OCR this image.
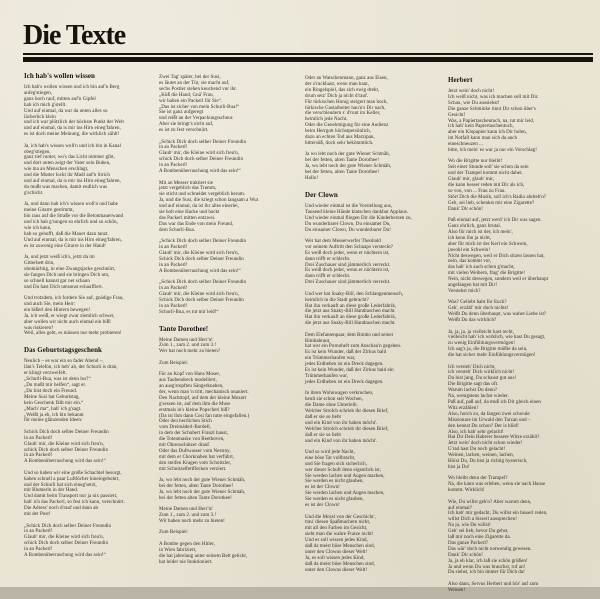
Die Texte
Ich hab's wollen wissen
Ich hab's wollen wissen und ich bin auf'n Berg
aufeg'stiegen,
ganz hoch rauf, mitten auf'n Gipfel
hab ich mich g'stellt.
Und auf einmal, da war da unten alles so
lächerlich klein
und ich war plötzlich der höchste Punkt der Welt
und auf einmal, da is mir ins Hirn eineg'fahren,
es ist doch meine Meinung, die wirklich zählt!
Ja, ich hab's wissen woll'n und ich bin in Kanal
obeg'stiegen,
ganz tief runter, wo's das Licht nimmer gibt,
und dort unten zeigt der Vater sein Buben,
wie ma an Menschen erschlagt,
und die Mutter lockt ihr Madl auf'n Strich
und auf einmal, da is mir ins Hirn eineg'fahren,
du mußt was machen, damit endlich was
g'schicht.
Ja, und dann hab ich's wissen woll'n und habe
meine Gitarre gestimmt,
bin raus auf die Straße vor die Betonmauerwand
und ich hab g'sungen so ehrlich und so schön,
wie ich kann,
hab so gehofft, daß die Mauer dazu tanzt.
Und auf einmal, da is mir ins Hirn eineg'fahren,
es ist zuwenig eine Gitarre in der Hand!
Ja, und jetzt weiß ich's, jetzt da im
Gitterbett drin,
ohnmächtig, in eine Zwangsjacke geschnürt,
sie fangen Dich und sie bringen Dich um,
so schnell kannst gar net schaun
und Du hast Dich umsonst echauffiert.
Und trotzdem, ich fordere Sie auf, gnädige Frau,
und auch Sie, mein Herr:
ein bißerl den Hintern bewegen!
Ja, ich weiß, er wiegt zwar ziemlich schwer,
aber wollen wir nicht auch einmal ein bißl
was riskieren?
Weil, alles geht, es müssen nur mehr probieren!
Das Geburtstagsgeschenk
Neulich – es war ein so fader Abend –,
läut's Telefon, ich heb' ab, der Schurli is dran,
er klingt verzweifelt.
„Schurli-Bua, was ist denn los?“
„Du mußt mir helfen“, sagt er.
„Du bist doch ein Freund.
Meine Susi hat Geburtstag,
kein Geschenk fällt mir ein.“
„Mach' ma“, hab' ich g'sagt.
„Weißt ja eh, ich bin bekannt
für meine glänzenden Ideen:
Schick Dich doch selber Deiner Freundin
in an Packerl!
Glaub' mir, die Kleine wird sich freu'n,
schick Dich doch selber Deiner Freundin
in an Packerl!
A Bombenüberraschung wird das sein!“
Und so haben wir eine große Schachtel besorgt,
haben schnell a paar Luftlöcher hineingebohrt,
und der Schurli hat sich eineg'setzt,
mit Blumerln in der Hand.
Und damit beim Transport nur ja nix passiert,
hab' ich das Packerl, so fest ich kann, verschnürt.
Die Adress' noch d'rauf und dann ab
mit der Post!
„Schick Dich doch selber Deiner Freundin
in an Packerl!
Glaub' mir, die Kleine wird sich freu'n,
schick Dich doch selber Deiner Freundin
in an Packerl!
A Bombenüberraschung wird das sein!“
Zwei Tag' später, bei der Susi,
es läutet an der Tür, sie macht auf,
sechs Postler stehen keuchend vor ihr.
„Küß die Hand, Gnä' Frau,
wir haben ein Packerl für Sie“.
„Das ist sicher von mein Schurli-Bua!“
Sie ist ganz aufgeregt
und reißt an der Verpackungsschnur.
Aber sie bringt's nicht auf,
es ist zu fest verschnürt.
„Schick Dich doch selber Deiner Freundin
in an Packerl!
Glaub' mir, die Kleine wird sich freu'n,
schick Dich doch selber Deiner Freundin
in an Packerl!
A Bombenüberraschung wird das sein!“
Mit an Messer traktiert sie
jetzt vergeblich das Trumm,
sie sticht und schneidet vergeblich herum.
Ja, und die Susi, die kriegt schon langsam a Wut
und auf einmal, da ist ihr alles einerlei,
sie holt eine Hacke und hackt
das Packerl mitten entzwei.
Das war das Ende von mein Freund,
dem Schurli-Bua.
„Schick Dich doch selber Deiner Freundin
in an Packerl!
Glaub' mir, die Kleine wird sich freu'n,
Schick Dich doch selber Deiner Freundin
in an Packerl!
A Bombenüberraschung wird das sein!“
„Schick Dich doch selber Deiner Freundin
in an Packerl!
Glaub' mir, die Kleine wird sich freu'n,
Schick Dich doch selber Deiner Freundin
in an Packerl!
Schurli-Bua, es tut mir leid!“
Tante Dorothee!
Meine Damen und Herr'n!
Zum 1., zum 2. und zum 3.!
Wer hat noch mehr zu bieten?
Zum Beispiel:
Für an Kopf von Hans Moser,
aus Taubendreck modelliert,
an ausg'stopften Sängerknaben,
der, wenn man 'n tritt, mechanisch onaniert.
Den Nachttopf, auf dem der kleine Mozart
g'sessen ist, auf dem ihm die Muse
erstmals in's kleine Popscherl biß?
(Da ist ihm dann Cosi fan tutte eingefallen.)
Oder den herrlichen Stich
vom Dreimäderl-Bordell,
in dem der Schubert Franzl haust,
die Totenmaske von Beethoven,
mit Ohrenschützer drauf.
Oder das Duftwasser vom Nestroy,
mit dem er Chorknaben hat verführt,
den steifen Kragen vom Schnitzler,
mit Schnitzelfettflecken verziert.
Ja, wo lebt noch der gute Wiener Schmäh,
bei der fetten, alten Tante Dorothee!
Ja, wo lebt noch der gute Wiener Schmäh,
bei der fetten alten Tante Dorothee!
Meine Damen und Herr'n!
Zum 1., zum 2. und zum 3.!
Wir haben noch mehr zu bieten!
Zum Beispiel:
A Bombe gegen den Hitler,
in Wien fabriziert,
die hat jahrelang unter seinem Bett getickt,
hat leider nie funktioniert.
Oder an Watschenmann, ganz aus Eisen,
der z'ruckhaut, wenn man haut,
ein Ringelspiel, das sich ewig dreht,
drum setz' Dich ja nicht d'rauf.
Für türkischen Honig steigert man hoch,
türkische Gastarbeiter hau'n's Dir nach,
die verschleudern s' d'runt im Keller,
heimlich jede Nacht.
Oder die Genehmigung für eine Audienz
beim Herrgott höchstpersönlich,
dazu an echten Tod aus Marzipan,
bittersüß, doch sehr bekömmlich.
Ja wo lebt noch der gute Wiener Schmäh,
bei der fetten, alten Tante Dorothee!
Ja, wo lebt noch der gute Wiener Schmäh,
bei der fetten, alten Tante Dorothee!
Hallo!
Der Clown
Und wieder einmal ist die Vorstellung aus,
Tausend kleine Hände klatschen dankbar Applaus.
Und wieder einmal fliegen Dir die Kinderherzen zu,
Du wunderbarer Clown, Du einsamer Du,
Du einsamer Clown, Du wunderbarer Du!
Wer hat dem Messerwerfer Theobald
vor seinem Auftritt den Schnaps versteckt?
Es weiß doch jeder, wenn er nüchtern ist,
dann trifft er schlecht.
Drei Zuschauer sind jämmerlich verreckt.
Es weiß doch jeder, wenn er nüchtern ist,
dann trifft er schlecht.
Drei Zuschauer sind jämmerlich verreckt.
Und wer hat Snaky-Bill, den Schlangenmensch,
heimlich in die Stadt gebracht?
Hat ihn verkauft an diese große Lederfabrik,
die jetzt aus Snaky-Bill Handtaschen macht.
Hat ihn verkauft an diese große Lederfabrik,
die jetzt aus Snaky-Bill Handtaschen macht.
Dem Elefantenpaar, dem Bimbo und seiner
Bimbabraut,
hat wer ein Pornoheft zum Anschau'n gegeben.
Es ist kein Wunder, daß der Zirkus bald
ein Trümmerhaufen war,
jedes Erdbeben ist ein Dreck dagegen.
Es ist kein Wunder, daß der Zirkus bald ein
Trümmerhaufen war,
jedes Erdbeben ist ein Dreck dagegen.
In ihren Wohnwagen verkrochen,
heult sie schon seit Wochen,
die Dame ohne Unterleib.
Welcher Strolch schrieb ihr diesen Brief,
daß er sie so liebt
und ein Kind von ihr haben möcht'.
Welcher Strolch schrieb ihr diesen Brief,
daß er sie so liebt
und ein Kind von ihr haben möcht'.
Und so wird jede Nacht,
eine böse Tat vollbracht,
und Sie fragen sich sicherlich,
wer dieser Schuft denn eigentlich ist,
Sie werden lachen und Augen machen,
Sie werden es nicht glauben,
es ist der Clown!
Sie werden lachen und Augen machen,
Sie werden es nicht glauben,
es ist der Clown!
Und die Moral von der Geschicht',
trau' diesen Spaßmachern nicht,
mit all den Farben im Gesicht,
sieht man die wahre Fratze nicht!
Und es soll wissen jedes Kind,
daß da meist böse Menschen sind,
unter den Clowns dieser Welt!
Ja, es soll wissen jedes Kind,
daß da meist böse Menschen sind,
unter den Clowns dieser Welt!
Herbert
Jetzt wein' doch nicht!
Ich weiß nicht, was ich machen soll mit Dir.
Schau, wie Du aussiehst!
Die ganze Schminke rinnt Dir schon über's
Gesicht!
Was, a Papiertaschentuch, na, tut mir leid,
ich hab' kein Papiertaschentuch,
aber ein Klopapier kann ich Dir holen,
im Notfall kann man sich da auch
eineschneuzen ...
bitte, ich mein' es war ja nur ein Vorschlag!
Wo die Brigitte nur bleibt!
Seit einer Stunde soll' sie schon da sein
und der Trampel kommt nicht daher.
Glaub' mir, glaub' mir,
die kann besser reden mit Dir als ich,
so von, von ... Frau zu Frau.
Stört Dich die Musik, soll ich's Radio abdreh'n?
Geh, sei lieb, schenkst mir eine Zigarette?
Dank' Dir schön!
Paß einmal auf, jetzt werd' ich Dir was sagen.
Ganz ehrlich, ganz brutal.
Also für mich ist der, ich mein',
ich kenn ihn ja nicht,
aber für mich ist der Kerl ein Schwein,
jawohl ein Schwein!
Nicht deswegen, weil er Dich sitzen lassen hat,
nein, das kommt vor,
das hab' ich auch schon g'macht,
mit vielen Weibern, frag' die Brigitte!
Nein, nicht deswegen, sondern weil er überhaupt
angefangen hat mit Dir!
Verstehst mich?
Was? Geliebt habt Ihr Euch?
Geh', erzähl' mir doch nichts!
Weißt Du denn überhaupt, was wahre Liebe ist?
Weißt Du das wirklich?
Ja, ja, ja, ja vielleicht hast recht,
vielleicht hab' ich wirklich, wie hast Du gesagt,
zu wenig Einfühlungsvermögen!
Ich sag's ja, die Brigitte müßte da sein,
die hat sicher mehr Einfühlungsvermögen!
Ich versteh' Dich nicht,
ich versteh' Dich wirklich nicht!
Du bist jung, Du schaust gut aus!
Die Brigitte sagt das oft.
Warum lachst Du denn?
Na, wenigstens lachst wieder.
Paß auf, paß auf, da muß ich Dir gleich einen
Witz erzählen!
Also, horch zu, da fangen zwei schwule
Missionare im Urwald den Tarzan und –
den kennst Du schon? Der is blöd!
Also, ich hab' sehr gelacht!
Hat Dir Dein Haberer bessere Witze erzählt?
Jetzt wein' doch nicht schon wieder!
G'rad hast Du noch gelacht!
Weinen, lachen, weinen, lachen,
Hörst Du, Du bist ja richtig hysterisch,
bist ja Du!
Wo bleibt denn der Trampel?
Na, die kann was erleben, wenn sie nach Hause
kommt. Wirklich!
Wie, Du willst geh'n? Aber warum denn,
auf einmal?
Ich hab' mir gedacht, Du willst ein bisserl reden,
willst Dich a bisserl aussprechen!
Na ja, wie Du willst!
Geh' sei lieb, bevor Du gehst,
laß mir noch eine Zigarette da.
Das ganze Packerl?
Das wär' doch nicht notwendig gewesen.
Dank' Dir schön!
Ja, ja eh klar, ich laß sie schön grüßen!
Ja und wenn Du was brauchst, ruf an!
Du siehst, ich bin immer für Dich da!
Also dann, Servus Herbert und hör' auf zum
Weinen!
